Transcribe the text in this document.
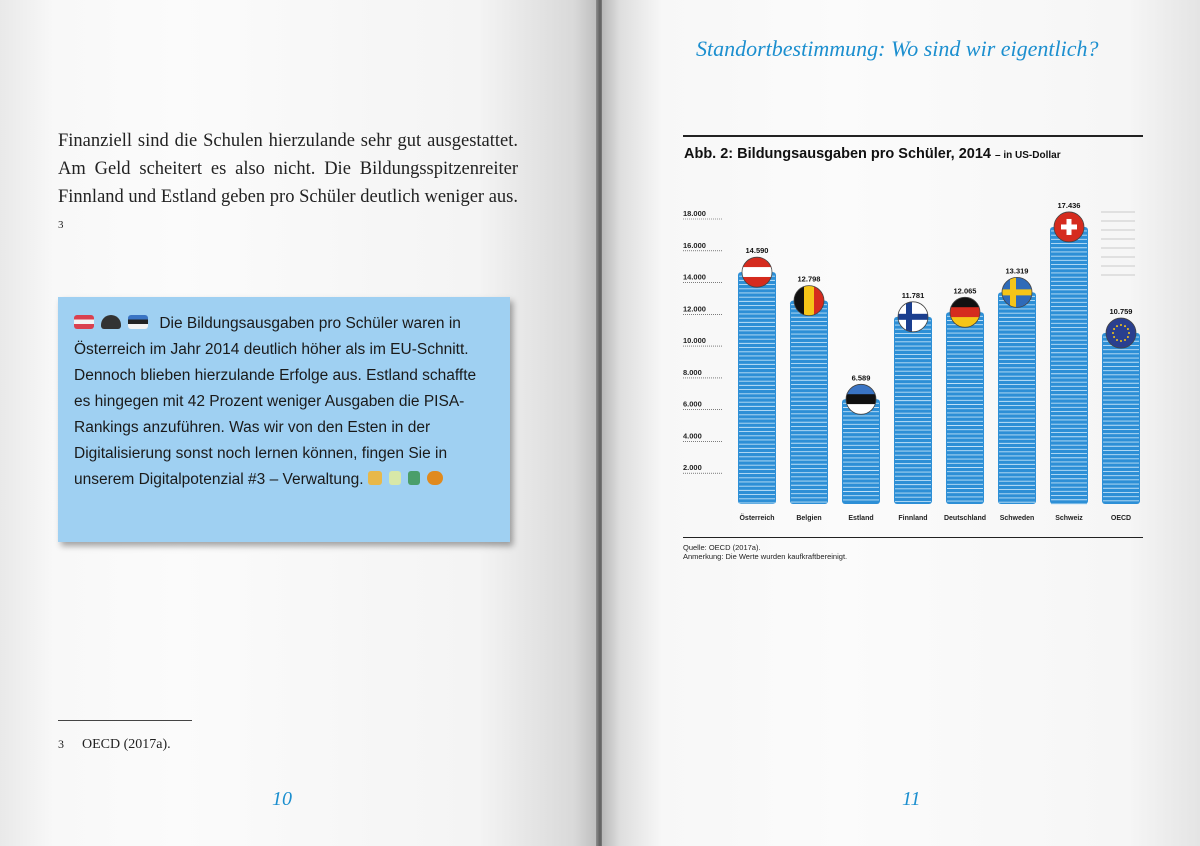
Finanziell sind die Schulen hierzulande sehr gut ausgestattet. Am Geld scheitert es also nicht. Die Bildungsspitzenreiter Finnland und Estland geben pro Schüler deutlich weniger aus. $^3$
Die Bildungsausgaben pro Schüler waren in Österreich im Jahr 2014 deutlich höher als im EU-Schnitt. Dennoch blieben hierzulande Erfolge aus. Estland schaffte es hingegen mit 42 Prozent weniger Ausgaben die PISA-Rankings anzuführen. Was wir von den Esten in der Digitalisierung sonst noch lernen können, fingen Sie in unserem Digitalpotenzial #3 – Verwaltung.
3 OECD (2017a).
10
Standortbestimmung: Wo sind wir eigentlich?
Abb. 2: Bildungsausgaben pro Schüler, 2014 – in US-Dollar
2.000
4.000
6.000
8.000
10.000
12.000
14.000
16.000
18.000
14.590
Österreich
12.798
Belgien
6.589
Estland
11.781
Finnland
12.065
Deutschland
13.319
Schweden
17.436
Schweiz
10.759
OECD
Quelle: OECD (2017a).
Anmerkung: Die Werte wurden kaufkraftbereinigt.
11
